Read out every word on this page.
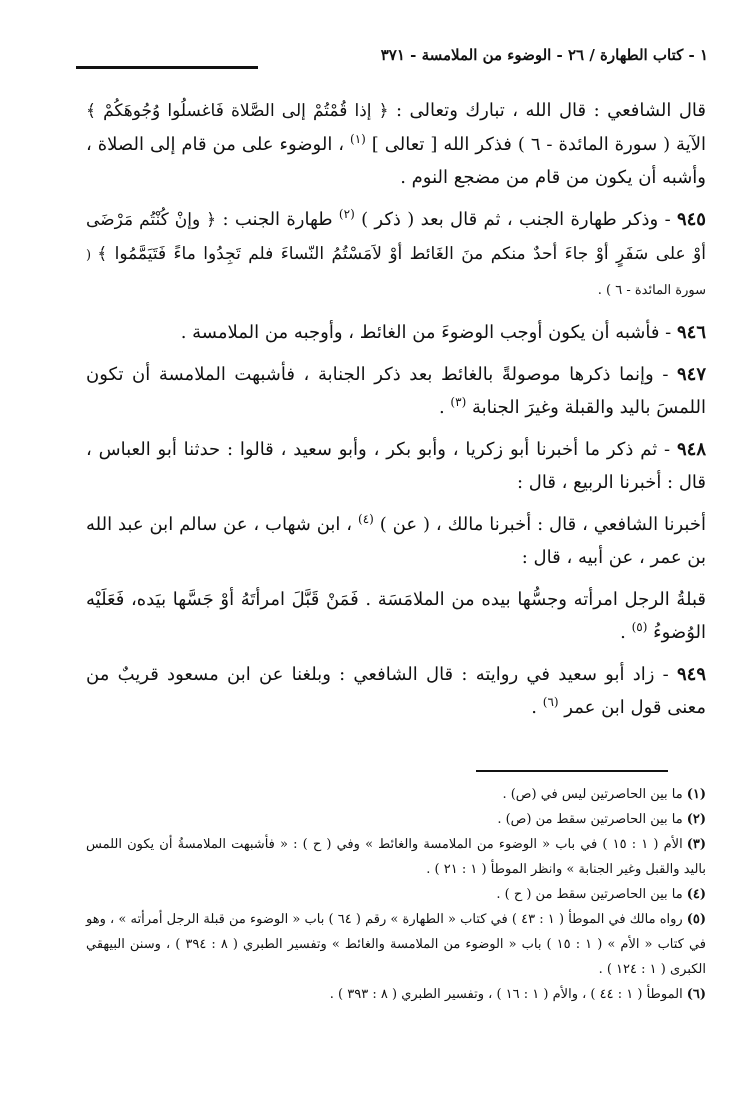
١ - كتاب الطهارة / ٢٦ - الوضوء من الملامسة - ٣٧١

قال الشافعي : قال الله ، تبارك وتعالى : ﴿ إذا قُمْتُمْ إلى الصَّلاة فَاغسلُوا وُجُوهَكُمْ ﴾ الآية ( سورة المائدة - ٦ ) فذكر الله [ تعالى ] $^{(١)}$ ، الوضوء على من قام إلى الصلاة ، وأشبه أن يكون من قام من مضجع النوم .

٩٤٥ - وذكر طهارة الجنب ، ثم قال بعد ( ذكر ) $^{(٢)}$ طهارة الجنب : ﴿ وإنْ كُنْتُم مَرْضَى أوْ على سَفَرٍ أوْ جاءَ أحدٌ منكم منَ الغَائط أوْ لاَمَسْتُمُ النّساءَ فلم تَجِدُوا ماءً فَتَيَمَّمُوا ﴾ ( سورة المائدة - ٦ ) .

٩٤٦ - فأشبه أن يكون أوجب الوضوءَ من الغائط ، وأوجبه من الملامسة .

٩٤٧ - وإنما ذكرها موصولةً بالغائط بعد ذكر الجنابة ، فأشبهت الملامسة أن تكون اللمسَ باليد والقبلة وغيرَ الجنابة $^{(٣)}$ .

٩٤٨ - ثم ذكر ما أخبرنا أبو زكريا ، وأبو بكر ، وأبو سعيد ، قالوا : حدثنا أبو العباس ، قال : أخبرنا الربيع ، قال :

أخبرنا الشافعي ، قال : أخبرنا مالك ، ( عن ) $^{(٤)}$ ، ابن شهاب ، عن سالم ابن عبد الله بن عمر ، عن أبيه ، قال :

قبلةُ الرجل امرأته وجسُّها بيده من الملامَسَة . فَمَنْ قَبَّلَ امرأتَهُ أوْ جَسَّها بيَده، فَعَلَيْه الوُضوءُ $^{(٥)}$ .

٩٤٩ - زاد أبو سعيد في روايته : قال الشافعي : وبلغنا عن ابن مسعود قريبٌ من معنى قول ابن عمر $^{(٦)}$ .

(١)ما بين الحاصرتين ليس في (ص) .

(٢)ما بين الحاصرتين سقط من (ص) .

(٣)الأم ( ١ : ١٥ ) في باب « الوضوء من الملامسة والغائط » وفي ( ح ) : « فأشبهت الملامسةُ أن يكون اللمس باليد والقبل وغير الجنابة » وانظر الموطأ ( ١ : ٢١ ) .

(٤)ما بين الحاصرتين سقط من ( ح ) .

(٥)رواه مالك في الموطأ ( ١ : ٤٣ ) في كتاب « الطهارة » رقم ( ٦٤ ) باب « الوضوء من قبلة الرجل أمرأته » ، وهو في كتاب « الأم » ( ١ : ١٥ ) باب « الوضوء من الملامسة والغائط » وتفسير الطبري ( ٨ : ٣٩٤ ) ، وسنن البيهقي الكبرى ( ١ : ١٢٤ ) .

(٦)الموطأ ( ١ : ٤٤ ) ، والأم ( ١ : ١٦ ) ، وتفسير الطبري ( ٨ : ٣٩٣ ) .
